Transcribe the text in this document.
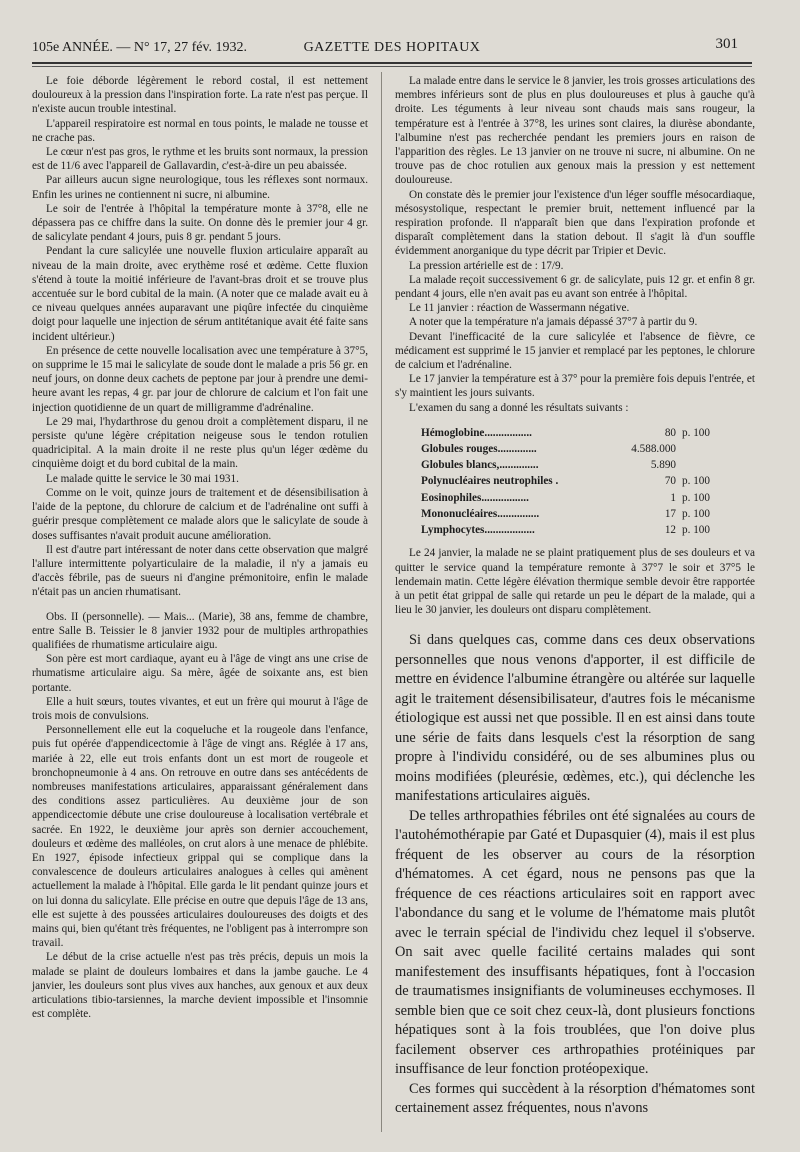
105e ANNÉE. — N° 17, 27 fév. 1932.	GAZETTE DES HOPITAUX	301

Le foie déborde légèrement le rebord costal, il est nettement douloureux à la pression dans l'inspiration forte. La rate n'est pas perçue. Il n'existe aucun trouble intestinal.

L'appareil respiratoire est normal en tous points, le malade ne tousse et ne crache pas.

Le cœur n'est pas gros, le rythme et les bruits sont normaux, la pression est de 11/6 avec l'appareil de Gallavardin, c'est-à-dire un peu abaissée.

Par ailleurs aucun signe neurologique, tous les réflexes sont normaux. Enfin les urines ne contiennent ni sucre, ni albumine.

Le soir de l'entrée à l'hôpital la température monte à 37°8, elle ne dépassera pas ce chiffre dans la suite. On donne dès le premier jour 4 gr. de salicylate pendant 4 jours, puis 8 gr. pendant 5 jours.

Pendant la cure salicylée une nouvelle fluxion articulaire apparaît au niveau de la main droite, avec erythème rosé et œdème. Cette fluxion s'étend à toute la moitié inférieure de l'avant-bras droit et se trouve plus accentuée sur le bord cubital de la main. (A noter que ce malade avait eu à ce niveau quelques années auparavant une piqûre infectée du cinquième doigt pour laquelle une injection de sérum antitétanique avait été faite sans incident ultérieur.)

En présence de cette nouvelle localisation avec une température à 37°5, on supprime le 15 mai le salicylate de soude dont le malade a pris 56 gr. en neuf jours, on donne deux cachets de peptone par jour à prendre une demi-heure avant les repas, 4 gr. par jour de chlorure de calcium et l'on fait une injection quotidienne de un quart de milligramme d'adrénaline.

Le 29 mai, l'hydarthrose du genou droit a complètement disparu, il ne persiste qu'une légère crépitation neigeuse sous le tendon rotulien quadricipital. A la main droite il ne reste plus qu'un léger œdème du cinquième doigt et du bord cubital de la main.

Le malade quitte le service le 30 mai 1931.

Comme on le voit, quinze jours de traitement et de désensibilisation à l'aide de la peptone, du chlorure de calcium et de l'adrénaline ont suffi à guérir presque complètement ce malade alors que le salicylate de soude à doses suffisantes n'avait produit aucune amélioration.

Il est d'autre part intéressant de noter dans cette observation que malgré l'allure intermittente polyarticulaire de la maladie, il n'y a jamais eu d'accès fébrile, pas de sueurs ni d'angine prémonitoire, enfin le malade n'était pas un ancien rhumatisant.

Obs. II (personnelle). — Mais... (Marie), 38 ans, femme de chambre, entre Salle B. Teissier le 8 janvier 1932 pour de multiples arthropathies qualifiées de rhumatisme articulaire aigu.

Son père est mort cardiaque, ayant eu à l'âge de vingt ans une crise de rhumatisme articulaire aigu. Sa mère, âgée de soixante ans, est bien portante.

Elle a huit sœurs, toutes vivantes, et eut un frère qui mourut à l'âge de trois mois de convulsions.

Personnellement elle eut la coqueluche et la rougeole dans l'enfance, puis fut opérée d'appendicectomie à l'âge de vingt ans. Réglée à 17 ans, mariée à 22, elle eut trois enfants dont un est mort de rougeole et bronchopneumonie à 4 ans. On retrouve en outre dans ses antécédents de nombreuses manifestations articulaires, apparaissant généralement dans des conditions assez particulières. Au deuxième jour de son appendicectomie débute une crise douloureuse à localisation vertébrale et sacrée. En 1922, le deuxième jour après son dernier accouchement, douleurs et œdème des malléoles, on crut alors à une menace de phlébite. En 1927, épisode infectieux grippal qui se complique dans la convalescence de douleurs articulaires analogues à celles qui amènent actuellement la malade à l'hôpital. Elle garda le lit pendant quinze jours et on lui donna du salicylate. Elle précise en outre que depuis l'âge de 13 ans, elle est sujette à des poussées articulaires douloureuses des doigts et des mains qui, bien qu'étant très fréquentes, ne l'obligent pas à interrompre son travail.

Le début de la crise actuelle n'est pas très précis, depuis un mois la malade se plaint de douleurs lombaires et dans la jambe gauche. Le 4 janvier, les douleurs sont plus vives aux hanches, aux genoux et aux deux articulations tibio-tarsiennes, la marche devient impossible et l'insomnie est complète.

La malade entre dans le service le 8 janvier, les trois grosses articulations des membres inférieurs sont de plus en plus douloureuses et plus à gauche qu'à droite. Les téguments à leur niveau sont chauds mais sans rougeur, la température est à l'entrée à 37°8, les urines sont claires, la diurèse abondante, l'albumine n'est pas recherchée pendant les premiers jours en raison de l'apparition des règles. Le 13 janvier on ne trouve ni sucre, ni albumine. On ne trouve pas de choc rotulien aux genoux mais la pression y est nettement douloureuse.

On constate dès le premier jour l'existence d'un léger souffle mésocardiaque, mésosystolique, respectant le premier bruit, nettement influencé par la respiration profonde. Il n'apparaît bien que dans l'expiration profonde et disparaît complètement dans la station debout. Il s'agit là d'un souffle évidemment anorganique du type décrit par Tripier et Devic.

La pression artérielle est de : 17/9.

La malade reçoit successivement 6 gr. de salicylate, puis 12 gr. et enfin 8 gr. pendant 4 jours, elle n'en avait pas eu avant son entrée à l'hôpital.

Le 11 janvier : réaction de Wassermann négative.

A noter que la température n'a jamais dépassé 37°7 à partir du 9.

Devant l'inefficacité de la cure salicylée et l'absence de fièvre, ce médicament est supprimé le 15 janvier et remplacé par les peptones, le chlorure de calcium et l'adrénaline.

Le 17 janvier la température est à 37° pour la première fois depuis l'entrée, et s'y maintient les jours suivants.

L'examen du sang a donné les résultats suivants :

Hémoglobine.................	80	p. 100
Globules rouges..............	4.588.000	
Globules blancs,..............	5.890	
Polynucléaires neutrophiles .	70	p. 100
Eosinophiles.................	1	p. 100
Mononucléaires...............	17	p. 100
Lymphocytes..................	12	p. 100

Le 24 janvier, la malade ne se plaint pratiquement plus de ses douleurs et va quitter le service quand la température remonte à 37°7 le soir et 37°5 le lendemain matin. Cette légère élévation thermique semble devoir être rapportée à un petit état grippal de salle qui retarde un peu le départ de la malade, qui a lieu le 30 janvier, les douleurs ont disparu complètement.

Si dans quelques cas, comme dans ces deux observations personnelles que nous venons d'apporter, il est difficile de mettre en évidence l'albumine étrangère ou altérée sur laquelle agit le traitement désensibilisateur, d'autres fois le mécanisme étiologique est aussi net que possible. Il en est ainsi dans toute une série de faits dans lesquels c'est la résorption de sang propre à l'individu considéré, ou de ses albumines plus ou moins modifiées (pleurésie, œdèmes, etc.), qui déclenche les manifestations articulaires aiguës.

De telles arthropathies fébriles ont été signalées au cours de l'autohémothérapie par Gaté et Dupasquier (4), mais il est plus fréquent de les observer au cours de la résorption d'hématomes. A cet égard, nous ne pensons pas que la fréquence de ces réactions articulaires soit en rapport avec l'abondance du sang et le volume de l'hématome mais plutôt avec le terrain spécial de l'individu chez lequel il s'observe. On sait avec quelle facilité certains malades qui sont manifestement des insuffisants hépatiques, font à l'occasion de traumatismes insignifiants de volumineuses ecchymoses. Il semble bien que ce soit chez ceux-là, dont plusieurs fonctions hépatiques sont à la fois troublées, que l'on doive plus facilement observer ces arthropathies protéiniques par insuffisance de leur fonction protéopexique.

Ces formes qui succèdent à la résorption d'hématomes sont certainement assez fréquentes, nous n'avons
